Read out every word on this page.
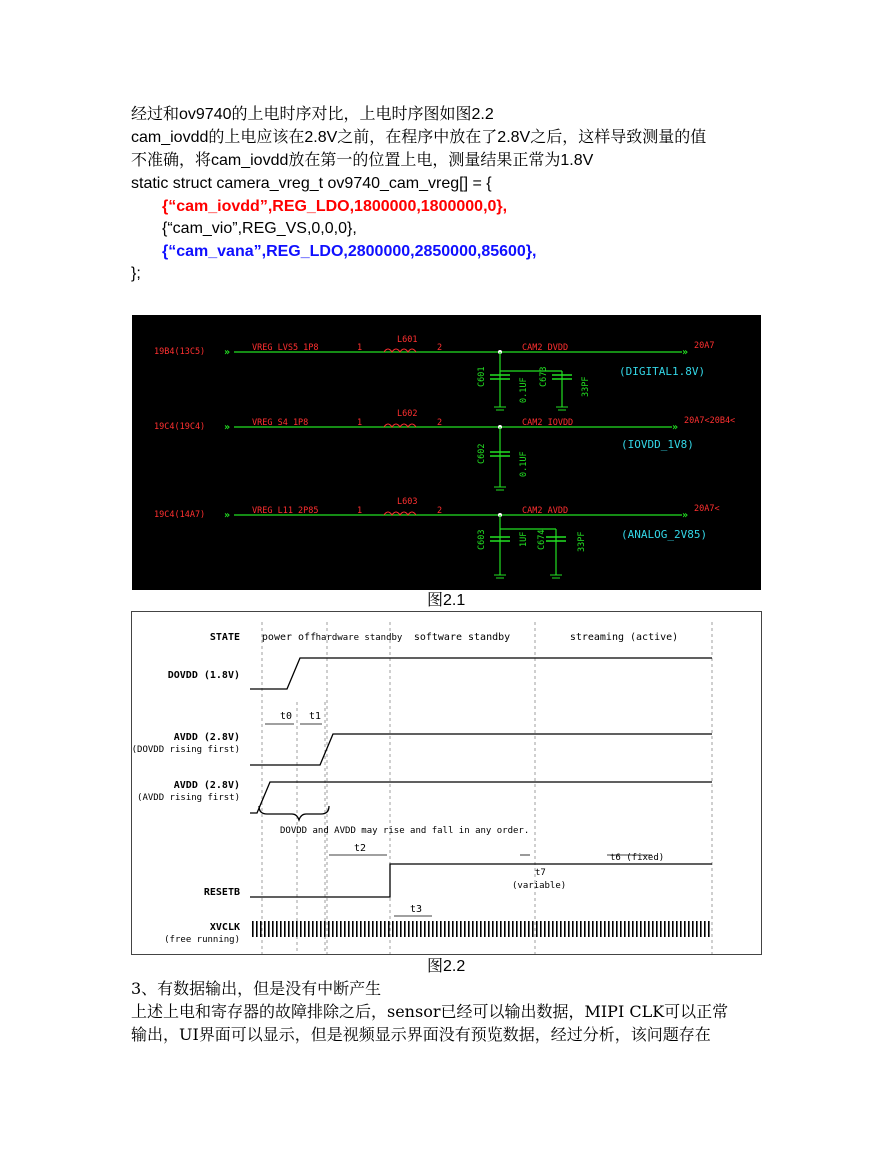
经过和ov9740的上电时序对比，上电时序图如图2.2
cam_iovdd的上电应该在2.8V之前，在程序中放在了2.8V之后，这样导致测量的值
不准确，将cam_iovdd放在第一的位置上电，测量结果正常为1.8V
static struct camera_vreg_t ov9740_cam_vreg[] = {
{“cam_iovdd”,REG_LDO,1800000,1800000,0},
{“cam_vio”,REG_VS,0,0,0},
{“cam_vana”,REG_LDO,2800000,2850000,85600},
};
19B4(13C5) »	VREG_LVS5_1P8	1
L601
2	CAM2_DVDD	20A7
(DIGITAL1.8V)
»
C601
0.1UF
C673	33PF
19C4(19C4) »	VREG_S4_1P8	1
L602
2	CAM2_IOVDD	20A7<20B4<
(IOVDD_1V8)
»
C602	0.1UF
19C4(14A7) »	VREG_L11_2P85	1
L603
2	CAM2_AVDD	20A7<
(ANALOG_2V85)
»
C603	1UF C674	33PF
图2.1
STATE power off hardware standby software standby	streaming (active)
DOVDD (1.8V)
AVDD (2.8V)
(DOVDD rising first)
AVDD (2.8V)
(AVDD rising first)
RESETB
XVCLK
(free running)
t0 t1
t2
t3
t6 (fixed)
t7
(variable)
DOVDD and AVDD may rise and fall in any order.
图2.2
3、有数据输出，但是没有中断产生
上述上电和寄存器的故障排除之后，sensor已经可以输出数据，MIPI CLK可以正常
输出，UI界面可以显示，但是视频显示界面没有预览数据，经过分析，该问题存在
